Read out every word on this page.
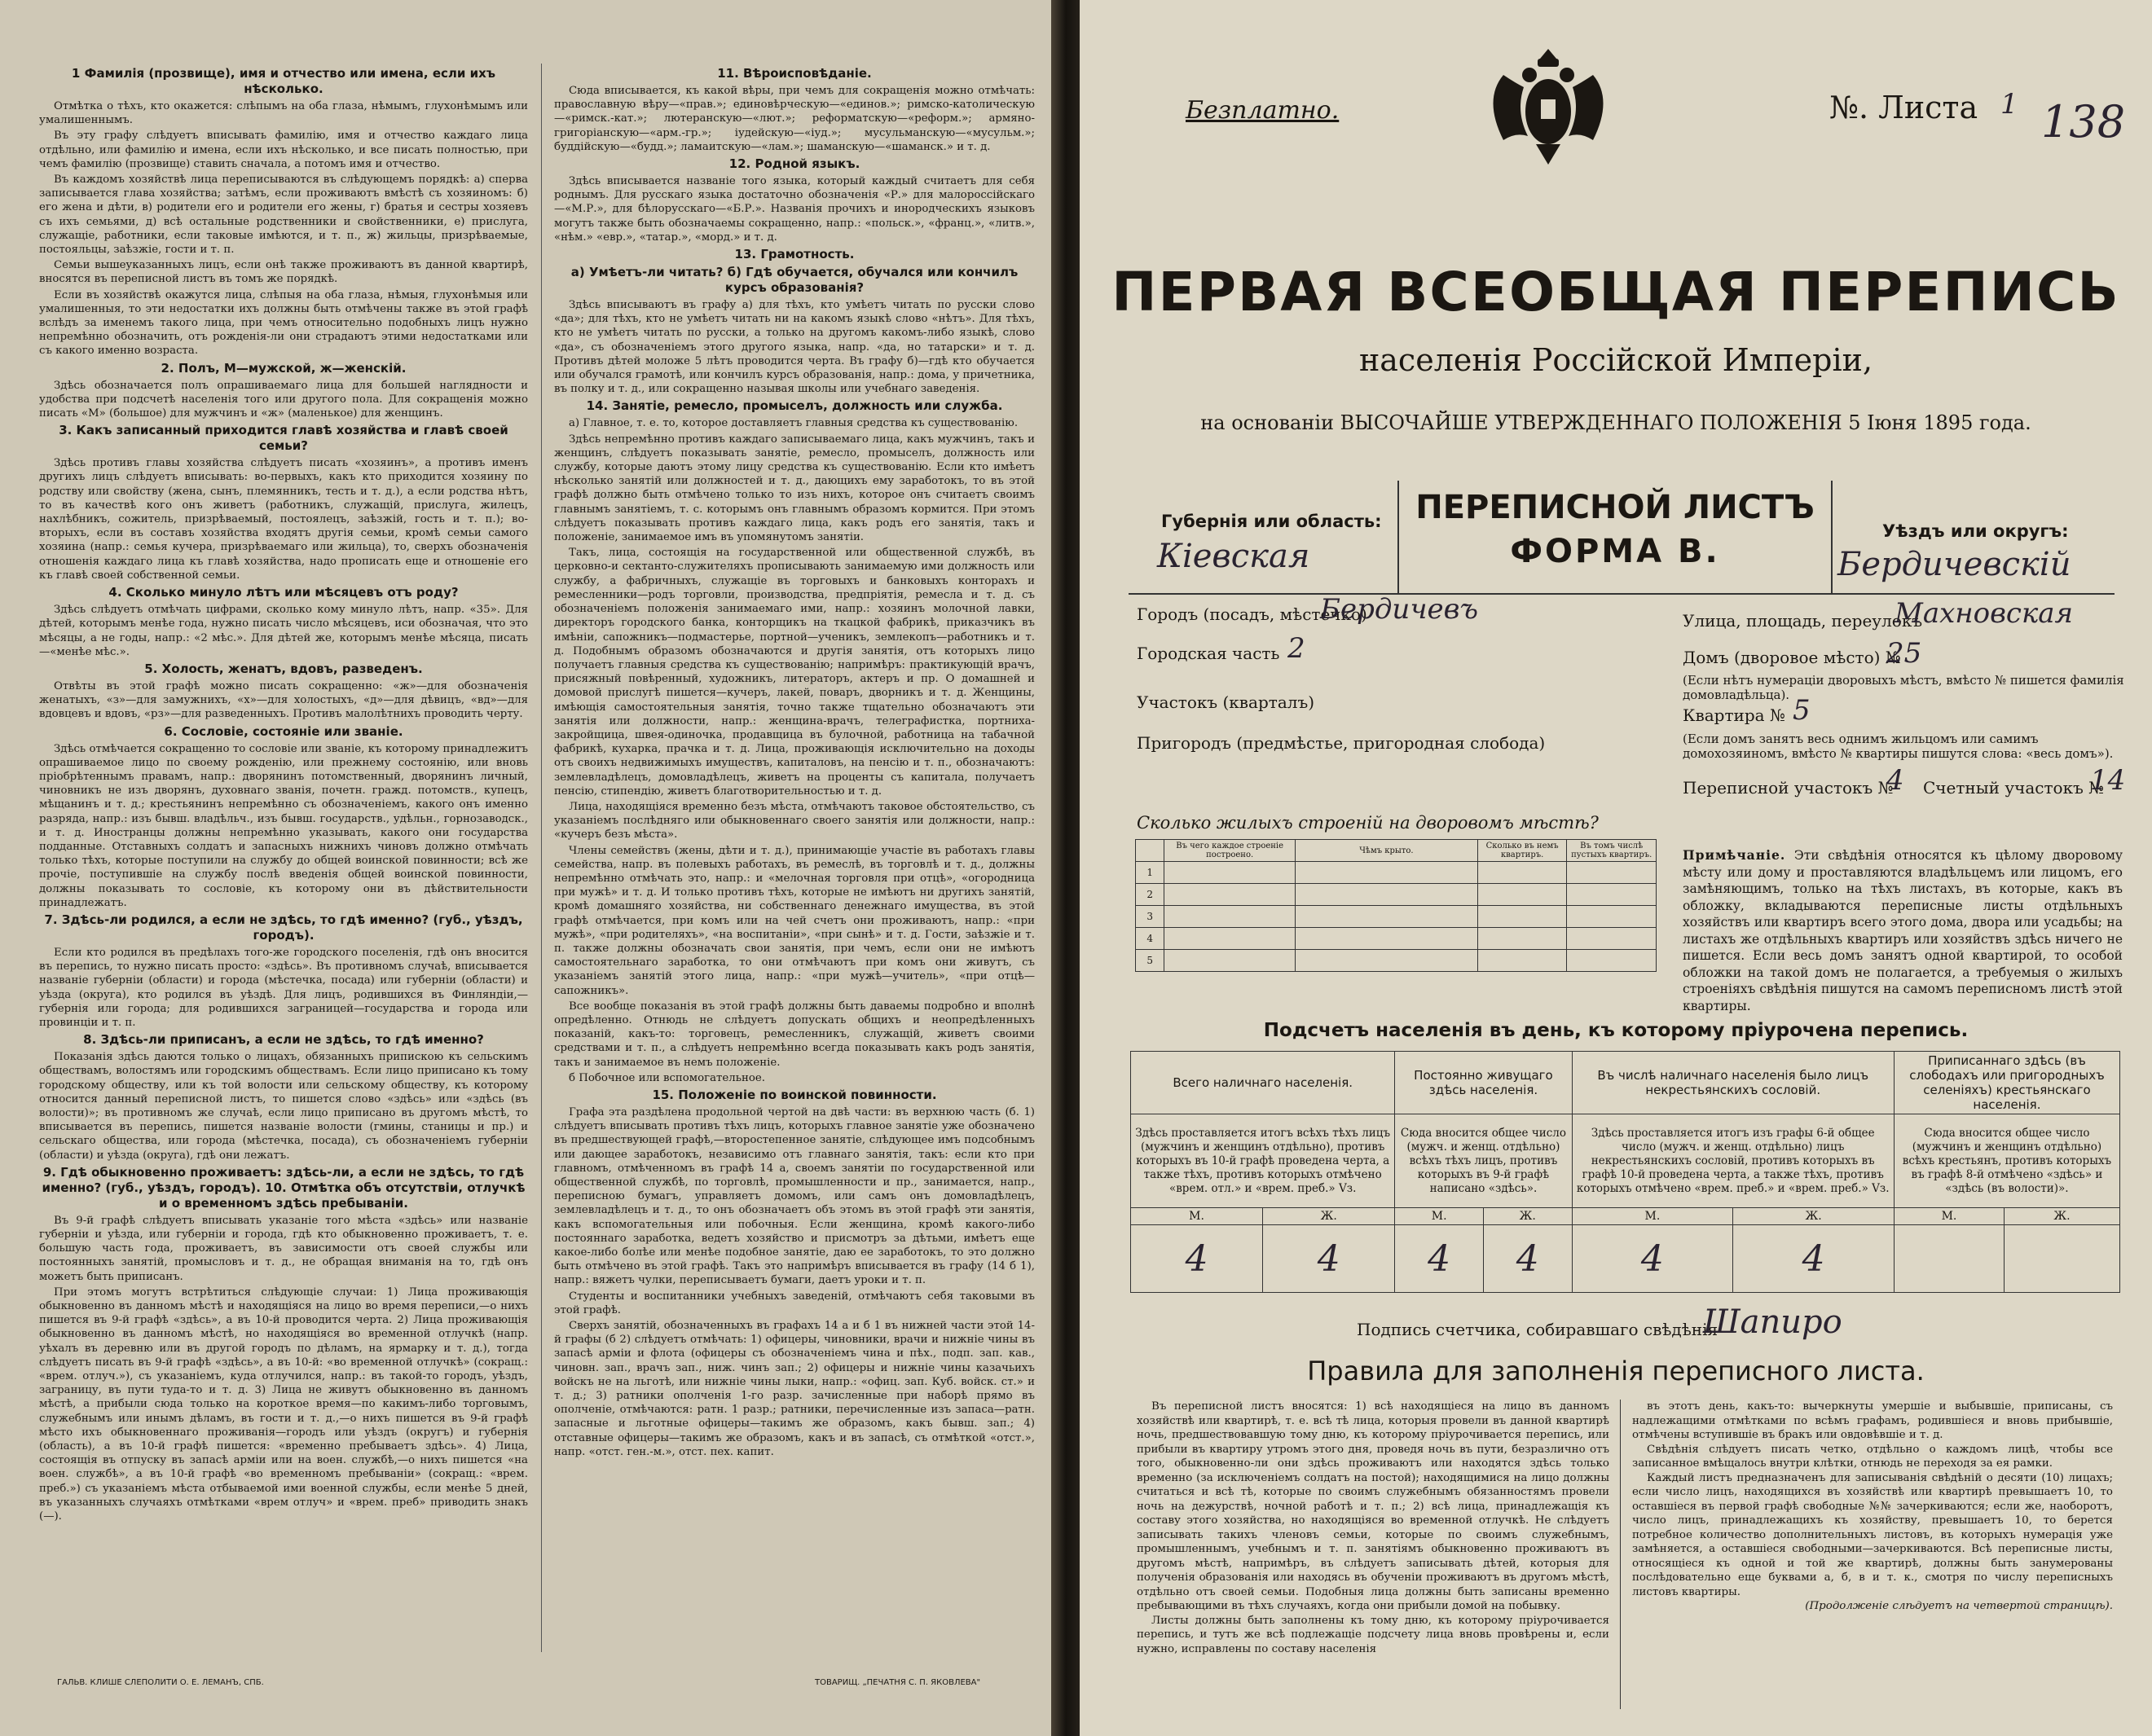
1 Фамилія (прозвище), имя и отчество или имена, если ихъ нѣсколько.
Отмѣтка о тѣхъ, кто окажется: слѣпымъ на оба глаза, нѣмымъ, глухонѣмымъ или умалишеннымъ.
Въ эту графу слѣдуетъ вписывать фамилію, имя и отчество каждаго лица отдѣльно, или фамилію и имена, если ихъ нѣсколько, и все писать полностью, при чемъ фамилію (прозвище) ставить сначала, а потомъ имя и отчество.
Въ каждомъ хозяйствѣ лица переписываются въ слѣдующемъ порядкѣ: а) сперва записывается глава хозяйства; затѣмъ, если проживаютъ вмѣстѣ съ хозяиномъ: б) его жена и дѣти, в) родители его и родители его жены, г) братья и сестры хозяевъ съ ихъ семьями, д) всѣ остальные родственники и свойственники, е) прислуга, служащіе, работники, если таковые имѣются, и т. п., ж) жильцы, призрѣваемые, постояльцы, заѣзжіе, гости и т. п.
Семьи вышеуказанныхъ лицъ, если онѣ также проживаютъ въ данной квартирѣ, вносятся въ переписной листъ въ томъ же порядкѣ.
Если въ хозяйствѣ окажутся лица, слѣпыя на оба глаза, нѣмыя, глухонѣмыя или умалишенныя, то эти недостатки ихъ должны быть отмѣчены также въ этой графѣ вслѣдъ за именемъ такого лица, при чемъ относительно подобныхъ лицъ нужно непремѣнно обозначить, отъ рожденія-ли они страдаютъ этими недостатками или съ какого именно возраста.
2. Полъ, М—мужской, ж—женскій.
Здѣсь обозначается полъ опрашиваемаго лица для большей наглядности и удобства при подсчетѣ населенія того или другого пола. Для сокращенія можно писать «М» (большое) для мужчинъ и «ж» (маленькое) для женщинъ.
3. Какъ записанный приходится главѣ хозяйства и главѣ своей семьи?
Здѣсь противъ главы хозяйства слѣдуетъ писать «хозяинъ», а противъ именъ другихъ лицъ слѣдуетъ вписывать: во-первыхъ, какъ кто приходится хозяину по родству или свойству (жена, сынъ, племянникъ, тесть и т. д.), а если родства нѣтъ, то въ качествѣ кого онъ живетъ (работникъ, служащій, прислуга, жилецъ, нахлѣбникъ, сожитель, призрѣваемый, постоялецъ, заѣзжій, гость и т. п.); во-вторыхъ, если въ составъ хозяйства входятъ другія семьи, кромѣ семьи самого хозяина (напр.: семья кучера, призрѣваемаго или жильца), то, сверхъ обозначенія отношенія каждаго лица къ главѣ хозяйства, надо прописать еще и отношеніе его къ главѣ своей собственной семьи.
4. Сколько минуло лѣтъ или мѣсяцевъ отъ роду?
Здѣсь слѣдуетъ отмѣчать цифрами, сколько кому минуло лѣтъ, напр. «35». Для дѣтей, которымъ менѣе года, нужно писать число мѣсяцевъ, иси обозначая, что это мѣсяцы, а не годы, напр.: «2 мѣс.». Для дѣтей же, которымъ менѣе мѣсяца, писать—«менѣе мѣс.».
5. Холость, женатъ, вдовъ, разведенъ.
Отвѣты въ этой графѣ можно писать сокращенно: «ж»—для обозначенія женатыхъ, «з»—для замужнихъ, «х»—для холостыхъ, «д»—для дѣвицъ, «вд»—для вдовцевъ и вдовъ, «рз»—для разведенныхъ. Противъ малолѣтнихъ проводить черту.
6. Сословіе, состояніе или званіе.
Здѣсь отмѣчается сокращенно то сословіе или званіе, къ которому принадлежитъ опрашиваемое лицо по своему рожденію, или прежнему состоянію, или вновь пріобрѣтеннымъ правамъ, напр.: дворянинъ потомственный, дворянинъ личный, чиновникъ не изъ дворянъ, духовнаго званія, почетн. гражд. потомств., купецъ, мѣщанинъ и т. д.; крестьянинъ непремѣнно съ обозначеніемъ, какого онъ именно разряда, напр.: изъ бывш. владѣльч., изъ бывш. государств., удѣльн., горнозаводск., и т. д. Иностранцы должны непремѣнно указывать, какого они государства подданные. Отставныхъ солдатъ и запасныхъ нижнихъ чиновъ должно отмѣчать только тѣхъ, которые поступили на службу до общей воинской повинности; всѣ же прочіе, поступившіе на службу послѣ введенія общей воинской повинности, должны показывать то сословіе, къ которому они въ дѣйствительности принадлежатъ.
7. Здѣсь-ли родился, а если не здѣсь, то гдѣ именно? (губ., уѣздъ, городъ).
Если кто родился въ предѣлахъ того-же городского поселенія, гдѣ онъ вносится въ перепись, то нужно писать просто: «здѣсь». Въ противномъ случаѣ, вписывается названіе губерніи (области) и города (мѣстечка, посада) или губерніи (области) и уѣзда (округа), кто родился въ уѣздѣ. Для лицъ, родившихся въ Финляндіи,—губернія или города; для родившихся заграницей—государства и города или провинціи и т. п.
8. Здѣсь-ли приписанъ, а если не здѣсь, то гдѣ именно?
Показанія здѣсь даются только о лицахъ, обязанныхъ припискою къ сельскимъ обществамъ, волостямъ или городскимъ обществамъ. Если лицо приписано къ тому городскому обществу, или къ той волости или сельскому обществу, къ которому относится данный переписной листъ, то пишется слово «здѣсь» или «здѣсь (въ волости)»; въ противномъ же случаѣ, если лицо приписано въ другомъ мѣстѣ, то вписывается въ перепись, пишется названіе волости (гмины, станицы и пр.) и сельскаго общества, или города (мѣстечка, посада), съ обозначеніемъ губерніи (области) и уѣзда (округа), гдѣ они лежатъ.
9. Гдѣ обыкновенно проживаетъ: здѣсь-ли, а если не здѣсь, то гдѣ именно? (губ., уѣздъ, городъ). 10. Отмѣтка объ отсутствіи, отлучкѣ и о временномъ здѣсь пребываніи.
Въ 9-й графѣ слѣдуетъ вписывать указаніе того мѣста «здѣсь» или названіе губерніи и уѣзда, или губерніи и города, гдѣ кто обыкновенно проживаетъ, т. е. большую часть года, проживаетъ, въ зависимости отъ своей службы или постоянныхъ занятій, промысловъ и т. д., не обращая вниманія на то, гдѣ онъ можетъ быть приписанъ.
При этомъ могутъ встрѣтиться слѣдующіе случаи: 1) Лица проживающія обыкновенно въ данномъ мѣстѣ и находящіяся на лицо во время переписи,—о нихъ пишется въ 9-й графѣ «здѣсь», а въ 10-й проводится черта. 2) Лица проживающія обыкновенно въ данномъ мѣстѣ, но находящіяся во временной отлучкѣ (напр. уѣхалъ въ деревню или въ другой городъ по дѣламъ, на ярмарку и т. д.), тогда слѣдуетъ писать въ 9-й графѣ «здѣсь», а въ 10-й: «во временной отлучкѣ» (сокращ.: «врем. отлуч.»), съ указаніемъ, куда отлучился, напр.: въ такой-то городъ, уѣздъ, заграницу, въ пути туда-то и т. д. 3) Лица не живутъ обыкновенно въ данномъ мѣстѣ, а прибыли сюда только на короткое время—по какимъ-либо торговымъ, служебнымъ или инымъ дѣламъ, въ гости и т. д.,—о нихъ пишется въ 9-й графѣ мѣсто ихъ обыкновеннаго проживанія—городъ или уѣздъ (округъ) и губернія (область), а въ 10-й графѣ пишется: «временно пребываетъ здѣсь». 4) Лица, состоящія въ отпуску въ запасѣ арміи или на воен. службѣ,—о нихъ пишется «на воен. службѣ», а въ 10-й графѣ «во временномъ пребываніи» (сокращ.: «врем. преб.») съ указаніемъ мѣста отбываемой ими военной службы, если менѣе 5 дней, въ указанныхъ случаяхъ отмѣтками «врем отлуч» и «врем. преб» приводить знакъ (—).
11. Вѣроисповѣданіе.
Сюда вписывается, къ какой вѣры, при чемъ для сокращенія можно отмѣчать: православную вѣру—«прав.»; единовѣрческую—«единов.»; римско-католическую—«римск.-кат.»; лютеранскую—«лют.»; реформатскую—«реформ.»; армяно-григоріанскую—«арм.-гр.»; іудейскую—«іуд.»; мусульманскую—«мусульм.»; буддійскую—«будд.»; ламаитскую—«лам.»; шаманскую—«шаманск.» и т. д.
12. Родной языкъ.
Здѣсь вписывается названіе того языка, который каждый считаетъ для себя роднымъ. Для русскаго языка достаточно обозначенія «Р.» для малороссійскаго—«М.Р.», для бѣлорусскаго—«Б.Р.». Названія прочихъ и инородческихъ языковъ могутъ также быть обозначаемы сокращенно, напр.: «польск.», «франц.», «литв.», «нѣм.» «евр.», «татар.», «морд.» и т. д.
13. Грамотность.
а) Умѣетъ-ли читать? б) Гдѣ обучается, обучался или кончилъ курсъ образованія?
Здѣсь вписываютъ въ графу а) для тѣхъ, кто умѣетъ читать по русски слово «да»; для тѣхъ, кто не умѣетъ читать ни на какомъ языкѣ слово «нѣтъ». Для тѣхъ, кто не умѣетъ читать по русски, а только на другомъ какомъ-либо языкѣ, слово «да», съ обозначеніемъ этого другого языка, напр. «да, но татарски» и т. д. Противъ дѣтей моложе 5 лѣтъ проводится черта. Въ графу б)—гдѣ кто обучается или обучался грамотѣ, или кончилъ курсъ образованія, напр.: дома, у причетника, въ полку и т. д., или сокращенно называя школы или учебнаго заведенія.
14. Занятіе, ремесло, промыселъ, должность или служба.
а) Главное, т. е. то, которое доставляетъ главныя средства къ существованію.
Здѣсь непремѣнно противъ каждаго записываемаго лица, какъ мужчинъ, такъ и женщинъ, слѣдуетъ показывать занятіе, ремесло, промыселъ, должность или службу, которые даютъ этому лицу средства къ существованію. Если кто имѣетъ нѣсколько занятій или должностей и т. д., дающихъ ему заработокъ, то въ этой графѣ должно быть отмѣчено только то изъ нихъ, которое онъ считаетъ своимъ главнымъ занятіемъ, т. с. которымъ онъ главнымъ образомъ кормится. При этомъ слѣдуетъ показывать противъ каждаго лица, какъ родъ его занятія, такъ и положеніе, занимаемое имъ въ упомянутомъ занятіи.
Такъ, лица, состоящія на государственной или общественной службѣ, въ церковно-и сектанто-служителяхъ прописывають занимаемую ими должность или службу, а фабричныхъ, служащіе въ торговыхъ и банковыхъ конторахъ и ремесленники—родъ торговли, производства, предпріятія, ремесла и т. д. съ обозначеніемъ положенія занимаемаго ими, напр.: хозяинъ молочной лавки, директоръ городского банка, конторщикъ на ткацкой фабрикѣ, приказчикъ въ имѣніи, сапожникъ—подмастерье, портной—ученикъ, землекопъ—работникъ и т. д. Подобнымъ образомъ обозначаются и другія занятія, отъ которыхъ лицо получаетъ главныя средства къ существованію; напримѣръ: практикующій врачъ, присяжный повѣренный, художникъ, литераторъ, актеръ и пр. О домашней и домовой прислугѣ пишется—кучеръ, лакей, поваръ, дворникъ и т. д. Женщины, имѣющія самостоятельныя занятія, точно также тщательно обозначаютъ эти занятія или должности, напр.: женщина-врачъ, телеграфистка, портниха-закройщица, швея-одиночка, продавщица въ булочной, работница на табачной фабрикѣ, кухарка, прачка и т. д. Лица, проживающія исключительно на доходы отъ своихъ недвижимыхъ имуществъ, капиталовъ, на пенсію и т. п., обозначаютъ: землевладѣлецъ, домовладѣлецъ, живетъ на проценты съ капитала, получаетъ пенсію, стипендію, живетъ благотворительностью и т. д.
Лица, находящіяся временно безъ мѣста, отмѣчаютъ таковое обстоятельство, съ указаніемъ послѣдняго или обыкновеннаго своего занятія или должности, напр.: «кучеръ безъ мѣста».
Члены семействъ (жены, дѣти и т. д.), принимающіе участіе въ работахъ главы семейства, напр. въ полевыхъ работахъ, въ ремеслѣ, въ торговлѣ и т. д., должны непремѣнно отмѣчать это, напр.: и «мелочная торговля при отцѣ», «огородница при мужѣ» и т. д. И только противъ тѣхъ, которые не имѣютъ ни другихъ занятій, кромѣ домашняго хозяйства, ни собственнаго денежнаго имущества, въ этой графѣ отмѣчается, при комъ или на чей счетъ они проживаютъ, напр.: «при мужѣ», «при родителяхъ», «на воспитаніи», «при сынѣ» и т. д. Гости, заѣзжіе и т. п. также должны обозначать свои занятія, при чемъ, если они не имѣютъ самостоятельнаго заработка, то они отмѣчаютъ при комъ они живутъ, съ указаніемъ занятій этого лица, напр.: «при мужѣ—учитель», «при отцѣ—сапожникъ».
Все вообще показанія въ этой графѣ должны быть даваемы подробно и вполнѣ опредѣленно. Отнюдь не слѣдуетъ допускать общихъ и неопредѣленныхъ показаній, какъ-то: торговецъ, ремесленникъ, служащій, живетъ своими средствами и т. п., а слѣдуетъ непремѣнно всегда показывать какъ родъ занятія, такъ и занимаемое въ немъ положеніе.
б Побочное или вспомогательное.
15. Положеніе по воинской повинности.
Графа эта раздѣлена продольной чертой на двѣ части: въ верхнюю часть (б. 1) слѣдуетъ вписывать противъ тѣхъ лицъ, которыхъ главное занятіе уже обозначено въ предшествующей графѣ,—второстепенное занятіе, слѣдующее имъ подсобнымъ или дающее заработокъ, независимо отъ главнаго занятія, такъ: если кто при главномъ, отмѣченномъ въ графѣ 14 а, своемъ занятіи по государственной или общественной службѣ, по торговлѣ, промышленности и пр., занимается, напр., переписною бумагъ, управляетъ домомъ, или самъ онъ домовладѣлецъ, землевладѣлецъ и т. д., то онъ обозначаетъ объ этомъ въ этой графѣ эти занятія, какъ вспомогательныя или побочныя. Если женщина, кромѣ какого-либо постояннаго заработка, ведетъ хозяйство и присмотръ за дѣтьми, имѣетъ еще какое-либо болѣе или менѣе подобное занятіе, даю ее заработокъ, то это должно быть отмѣчено въ этой графѣ. Такъ это напримѣръ вписывается въ графу (14 б 1), напр.: вяжетъ чулки, переписываетъ бумаги, даетъ уроки и т. п.
Студенты и воспитанники учебныхъ заведеній, отмѣчаютъ себя таковыми въ этой графѣ.
Сверхъ занятій, обозначенныхъ въ графахъ 14 а и б 1 въ нижней части этой 14-й графы (б 2) слѣдуетъ отмѣчать: 1) офицеры, чиновники, врачи и нижніе чины въ запасѣ арміи и флота (офицеры съ обозначеніемъ чина и пѣх., подп. зап. кав., чиновн. зап., врачъ зап., ниж. чинъ зап.; 2) офицеры и нижніе чины казачьихъ войскъ не на льготѣ, или нижніе чины лыки, напр.: «офиц. зап. Куб. войск. ст.» и т. д.; 3) ратники ополченія 1-го разр. зачисленные при наборѣ прямо въ ополченіе, отмѣчаются: ратн. 1 разр.; ратники, перечисленные изъ запаса—ратн. запасные и льготные офицеры—такимъ же образомъ, какъ бывш. зап.; 4) отставные офицеры—такимъ же образомъ, какъ и въ запасѣ, съ отмѣткой «отст.», напр. «отст. ген.-м.», отст. пех. капит.
ГАЛЬВ. КЛИШЕ СЛЕПОЛИТИ О. Е. ЛЕМАНЪ, СПБ.	ТОВАРИЩ. „ПЕЧАТНЯ С. П. ЯКОВЛЕВА"
Безплатно.	№. Листа 1 138
ПЕРВАЯ ВСЕОБЩАЯ ПЕРЕПИСЬ
населенія Россійской Имперіи,
на основаніи ВЫСОЧАЙШЕ УТВЕРЖДЕННАГО ПОЛОЖЕНІЯ 5 Іюня 1895 года.
ПЕРЕПИСНОЙ ЛИСТЪ
ФОРМА В.
Губернія или область:
Кіевская
Уѣздъ или округъ:
Бердичевскій
Городъ (посадъ, мѣстечко)
Бердичевъ
Городская часть 2
Участокъ (кварталъ)
Пригородъ (предмѣстье, пригородная слобода)
Улица, площадь, переулокъ
Махновская
Домъ (дворовое мѣсто) №
25
(Если нѣтъ нумераціи дворовыхъ мѣстъ, вмѣсто № пишется фамилія домовладѣльца).
Квартира № 5
(Если домъ занятъ весь однимъ жильцомъ или самимъ домохозяиномъ, вмѣсто № квартиры пишутся слова: «весь домъ»).
Переписной участокъ №
4 Счетный участокъ №
14
Сколько жилыхъ строеній на дворовомъ мѣстѣ?
	Въ чего каждое строеніе построено.	Чѣмъ крыто.	Сколько въ немъ квартиръ.	Въ томъ числѣ пустыхъ квартиръ.
1				
2				
3				
4				
5				
Примѣчаніе. Эти свѣдѣнія относятся къ цѣлому дворовому мѣсту или дому и проставляются владѣльцемъ или лицомъ, его замѣняющимъ, только на тѣхъ листахъ, въ которые, какъ въ обложку, вкладываются переписные листы отдѣльныхъ хозяйствъ или квартиръ всего этого дома, двора или усадьбы; на листахъ же отдѣльныхъ квартиръ или хозяйствъ здѣсь ничего не пишется. Если весь домъ занятъ одной квартирой, то особой обложки на такой домъ не полагается, а требуемыя о жилыхъ строеніяхъ свѣдѣнія пишутся на самомъ переписномъ листѣ этой квартиры.
Подсчетъ населенія въ день, къ которому пріурочена перепись.
Всего наличнаго населенія.		Постоянно живущаго здѣсь населенія.		Въ числѣ наличнаго населенія было лицъ некрестьянскихъ сословій.		Приписаннаго здѣсь (въ слободахъ или пригородныхъ селеніяхъ) крестьянскаго населенія.	
Здѣсь проставляется итогъ всѣхъ тѣхъ лицъ (мужчинъ и женщинъ отдѣльно), противъ которыхъ въ 10-й графѣ проведена черта, а также тѣхъ, противъ которыхъ отмѣчено «врем. отл.» и «врем. преб.» Vз.		Сюда вносится общее число (мужч. и женщ. отдѣльно) всѣхъ тѣхъ лицъ, противъ которыхъ въ 9-й графѣ написано «здѣсь».		Здѣсь проставляется итогъ изъ графы 6-й общее число (мужч. и женщ. отдѣльно) лицъ некрестьянскихъ сословій, противъ которыхъ въ графѣ 10-й проведена черта, а также тѣхъ, противъ которыхъ отмѣчено «врем. преб.» и «врем. преб.» Vз.		Сюда вносится общее число (мужчинъ и женщинъ отдѣльно) всѣхъ крестьянъ, противъ которыхъ въ графѣ 8-й отмѣчено «здѣсь» и «здѣсь (въ волости)».	
М.	Ж.	М.	Ж.	М.	Ж.	М.	Ж.
4	4	4	4	4	4		
Подпись счетчика, собиравшаго свѣдѣнія
Шапиро
Правила для заполненія переписного листа.

Въ переписной листъ вносятся: 1) всѣ находящіеся на лицо въ данномъ хозяйствѣ или квартирѣ, т. е. всѣ тѣ лица, которыя провели въ данной квартирѣ ночь, предшествовавшую тому дню, къ которому пріурочивается перепись, или прибыли въ квартиру утромъ этого дня, проведя ночь въ пути, безразлично отъ того, обыкновенно-ли они здѣсь проживаютъ или находятся здѣсь только временно (за исключеніемъ солдатъ на постой); находящимися на лицо должны считаться и всѣ тѣ, которые по своимъ служебнымъ обязанностямъ провели ночь на дежурствѣ, ночной работѣ и т. п.; 2) всѣ лица, принадлежащія къ составу этого хозяйства, но находящіяся во временной отлучкѣ. Не слѣдуетъ записывать такихъ членовъ семьи, которые по своимъ служебнымъ, промышленнымъ, учебнымъ и т. п. занятіямъ обыкновенно проживаютъ въ другомъ мѣстѣ, напримѣръ, въ слѣдуетъ записывать дѣтей, которыя для полученія образованія или находясь въ обученіи проживаютъ въ другомъ мѣстѣ, отдѣльно отъ своей семьи. Подобныя лица должны быть записаны временно пребывающими въ тѣхъ случаяхъ, когда они прибыли домой на побывку.

Листы должны быть заполнены къ тому дню, къ которому пріурочивается перепись, и тутъ же всѣ подлежащіе подсчету лица вновь провѣрены и, если нужно, исправлены по составу населенія

въ этотъ день, какъ-то: вычеркнуты умершіе и выбывшіе, приписаны, съ надлежащими отмѣтками по всѣмъ графамъ, родившіеся и вновь прибывшіе, отмѣчены вступившіе въ бракъ или овдовѣвшіе и т. д.

Свѣдѣнія слѣдуетъ писать четко, отдѣльно о каждомъ лицѣ, чтобы все записанное вмѣщалось внутри клѣтки, отнюдь не переходя за ея рамки.

Каждый листъ предназначенъ для записыванія свѣдѣній о десяти (10) лицахъ; если число лицъ, находящихся въ хозяйствѣ или квартирѣ превышаетъ 10, то оставшіеся въ первой графѣ свободные №№ зачеркиваются; если же, наоборотъ, число лицъ, принадлежащихъ къ хозяйству, превышаетъ 10, то берется потребное количество дополнительныхъ листовъ, въ которыхъ нумерація уже замѣняется, а оставшіеся свободными—зачеркиваются. Всѣ переписные листы, относящіеся къ одной и той же квартирѣ, должны быть занумерованы послѣдовательно еще буквами а, б, в и т. к., смотря по числу переписныхъ листовъ квартиры.

(Продолженіе слѣдуетъ на четвертой страницѣ).
